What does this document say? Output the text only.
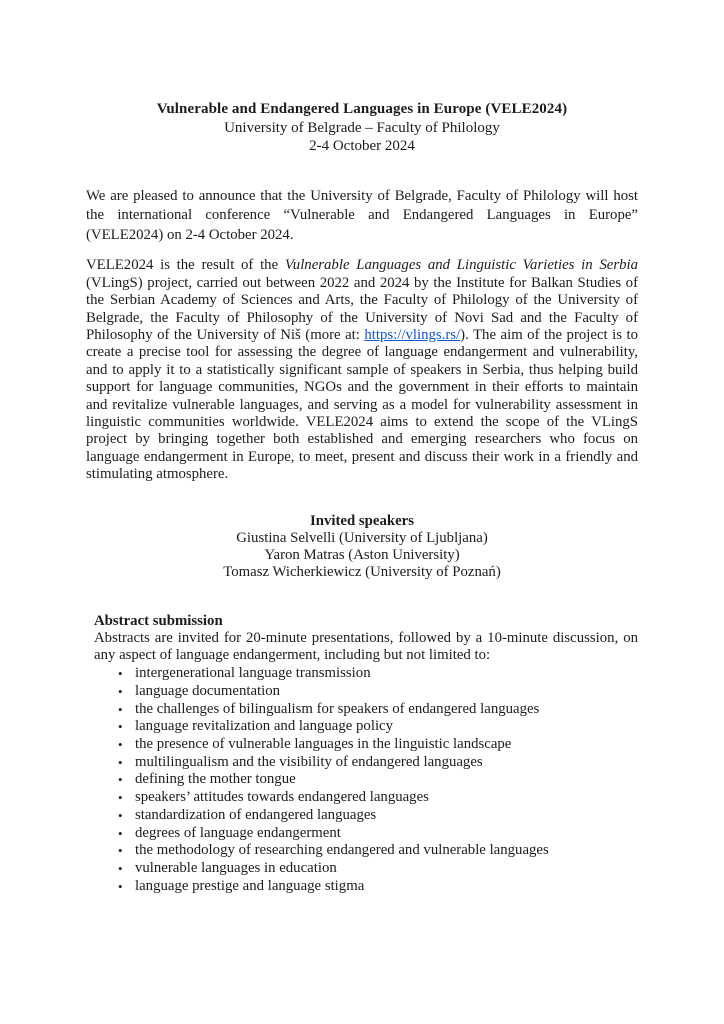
Vulnerable and Endangered Languages in Europe (VELE2024)
University of Belgrade – Faculty of Philology
2-4 October 2024

We are pleased to announce that the University of Belgrade, Faculty of Philology will host the international conference “Vulnerable and Endangered Languages in Europe” (VELE2024) on 2-4 October 2024.

VELE2024 is the result of the Vulnerable Languages and Linguistic Varieties in Serbia (VLingS) project, carried out between 2022 and 2024 by the Institute for Balkan Studies of the Serbian Academy of Sciences and Arts, the Faculty of Philology of the University of Belgrade, the Faculty of Philosophy of the University of Novi Sad and the Faculty of Philosophy of the University of Niš (more at: https://vlings.rs/). The aim of the project is to create a precise tool for assessing the degree of language endangerment and vulnerability, and to apply it to a statistically significant sample of speakers in Serbia, thus helping build support for language communities, NGOs and the government in their efforts to maintain and revitalize vulnerable languages, and serving as a model for vulnerability assessment in linguistic communities worldwide. VELE2024 aims to extend the scope of the VLingS project by bringing together both established and emerging researchers who focus on language endangerment in Europe, to meet, present and discuss their work in a friendly and stimulating atmosphere.

Invited speakers
Giustina Selvelli (University of Ljubljana)
Yaron Matras (Aston University)
Tomasz Wicherkiewicz (University of Poznań)
Abstract submission

Abstracts are invited for 20-minute presentations, followed by a 10-minute discussion, on any aspect of language endangerment, including but not limited to:

• intergenerational language transmission
• language documentation
• the challenges of bilingualism for speakers of endangered languages
• language revitalization and language policy
• the presence of vulnerable languages in the linguistic landscape
• multilingualism and the visibility of endangered languages
• defining the mother tongue
• speakers’ attitudes towards endangered languages
• standardization of endangered languages
• degrees of language endangerment
• the methodology of researching endangered and vulnerable languages
• vulnerable languages in education
• language prestige and language stigma
